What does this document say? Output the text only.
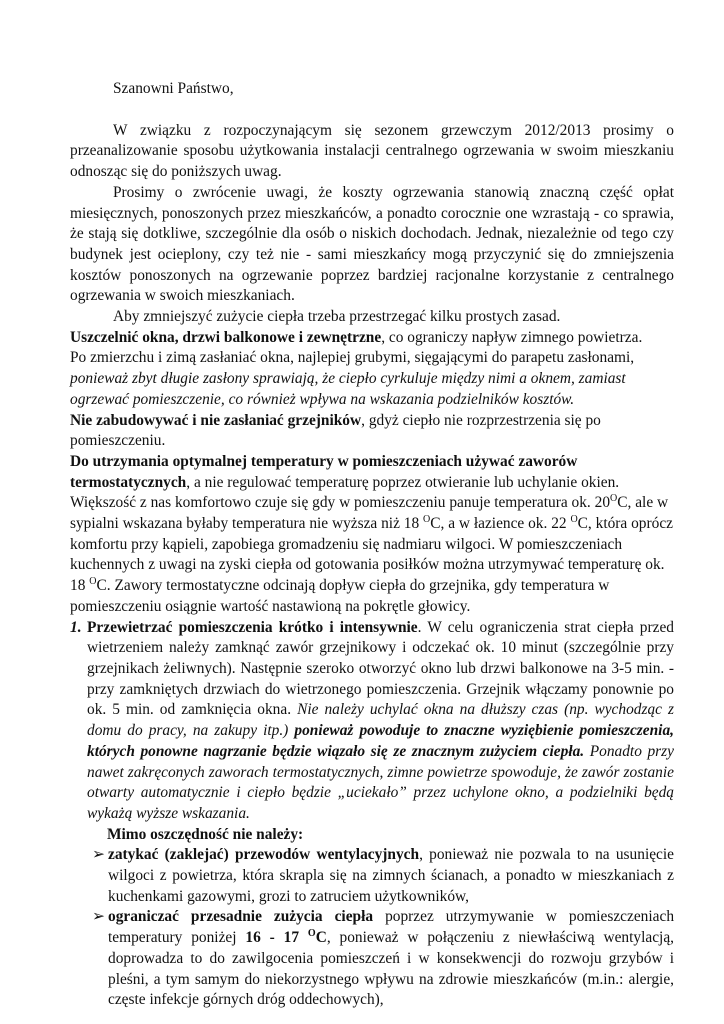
Szanowni Państwo,

W związku z rozpoczynającym się sezonem grzewczym 2012/2013 prosimy o przeanalizowanie sposobu użytkowania instalacji centralnego ogrzewania w swoim mieszkaniu odnosząc się do poniższych uwag.

Prosimy o zwrócenie uwagi, że koszty ogrzewania stanowią znaczną część opłat miesięcznych, ponoszonych przez mieszkańców, a ponadto corocznie one wzrastają - co sprawia, że stają się dotkliwe, szczególnie dla osób o niskich dochodach. Jednak, niezależnie od tego czy budynek jest ocieplony, czy też nie - sami mieszkańcy mogą przyczynić się do zmniejszenia kosztów ponoszonych na ogrzewanie poprzez bardziej racjonalne korzystanie z centralnego ogrzewania w swoich mieszkaniach.

Aby zmniejszyć zużycie ciepła trzeba przestrzegać kilku prostych zasad.

Uszczelnić okna, drzwi balkonowe i zewnętrzne, co ograniczy napływ zimnego powietrza.
Po zmierzchu i zimą zasłaniać okna, najlepiej grubymi, sięgającymi do parapetu zasłonami, ponieważ zbyt długie zasłony sprawiają, że ciepło cyrkuluje między nimi a oknem, zamiast ogrzewać pomieszczenie, co również wpływa na wskazania podzielników kosztów.

Nie zabudowywać i nie zasłaniać grzejników, gdyż ciepło nie rozprzestrzenia się po pomieszczeniu.

Do utrzymania optymalnej temperatury w pomieszczeniach używać zaworów termostatycznych, a nie regulować temperaturę poprzez otwieranie lub uchylanie okien. Większość z nas komfortowo czuje się gdy w pomieszczeniu panuje temperatura ok. $20^OC$, ale w sypialni wskazana byłaby temperatura nie wyższa niż 18 $^O$C, a w łazience ok. 22 $^O$C, która oprócz komfortu przy kąpieli, zapobiega gromadzeniu się nadmiaru wilgoci. W pomieszczeniach kuchennych z uwagi na zyski ciepła od gotowania posiłków można utrzymywać temperaturę ok. 18 $^O$C. Zawory termostatyczne odcinają dopływ ciepła do grzejnika, gdy temperatura w pomieszczeniu osiągnie wartość nastawioną na pokrętle głowicy.

1. Przewietrzać pomieszczenia krótko i intensywnie. W celu ograniczenia strat ciepła przed wietrzeniem należy zamknąć zawór grzejnikowy i odczekać ok. 10 minut (szczególnie przy grzejnikach żeliwnych). Następnie szeroko otworzyć okno lub drzwi balkonowe na 3-5 min. - przy zamkniętych drzwiach do wietrzonego pomieszczenia. Grzejnik włączamy ponownie po ok. 5 min. od zamknięcia okna. Nie należy uchylać okna na dłuższy czas (np. wychodząc z domu do pracy, na zakupy itp.) ponieważ powoduje to znaczne wyziębienie pomieszczenia, których ponowne nagrzanie będzie wiązało się ze znacznym zużyciem ciepła. Ponadto przy nawet zakręconych zaworach termostatycznych, zimne powietrze spowoduje, że zawór zostanie otwarty automatycznie i ciepło będzie „uciekało” przez uchylone okno, a podzielniki będą wykażą wyższe wskazania.

Mimo oszczędność nie należy:

➢ zatykać (zaklejać) przewodów wentylacyjnych, ponieważ nie pozwala to na usunięcie wilgoci z powietrza, która skrapla się na zimnych ścianach, a ponadto w mieszkaniach z kuchenkami gazowymi, grozi to zatruciem użytkowników,

➢ ograniczać przesadnie zużycia ciepła poprzez utrzymywanie w pomieszczeniach temperatury poniżej 16 - 17 $^O$C, ponieważ w połączeniu z niewłaściwą wentylacją, doprowadza to do zawilgocenia pomieszczeń i w konsekwencji do rozwoju grzybów i pleśni, a tym samym do niekorzystnego wpływu na zdrowie mieszkańców (m.in.: alergie, częste infekcje górnych dróg oddechowych),
